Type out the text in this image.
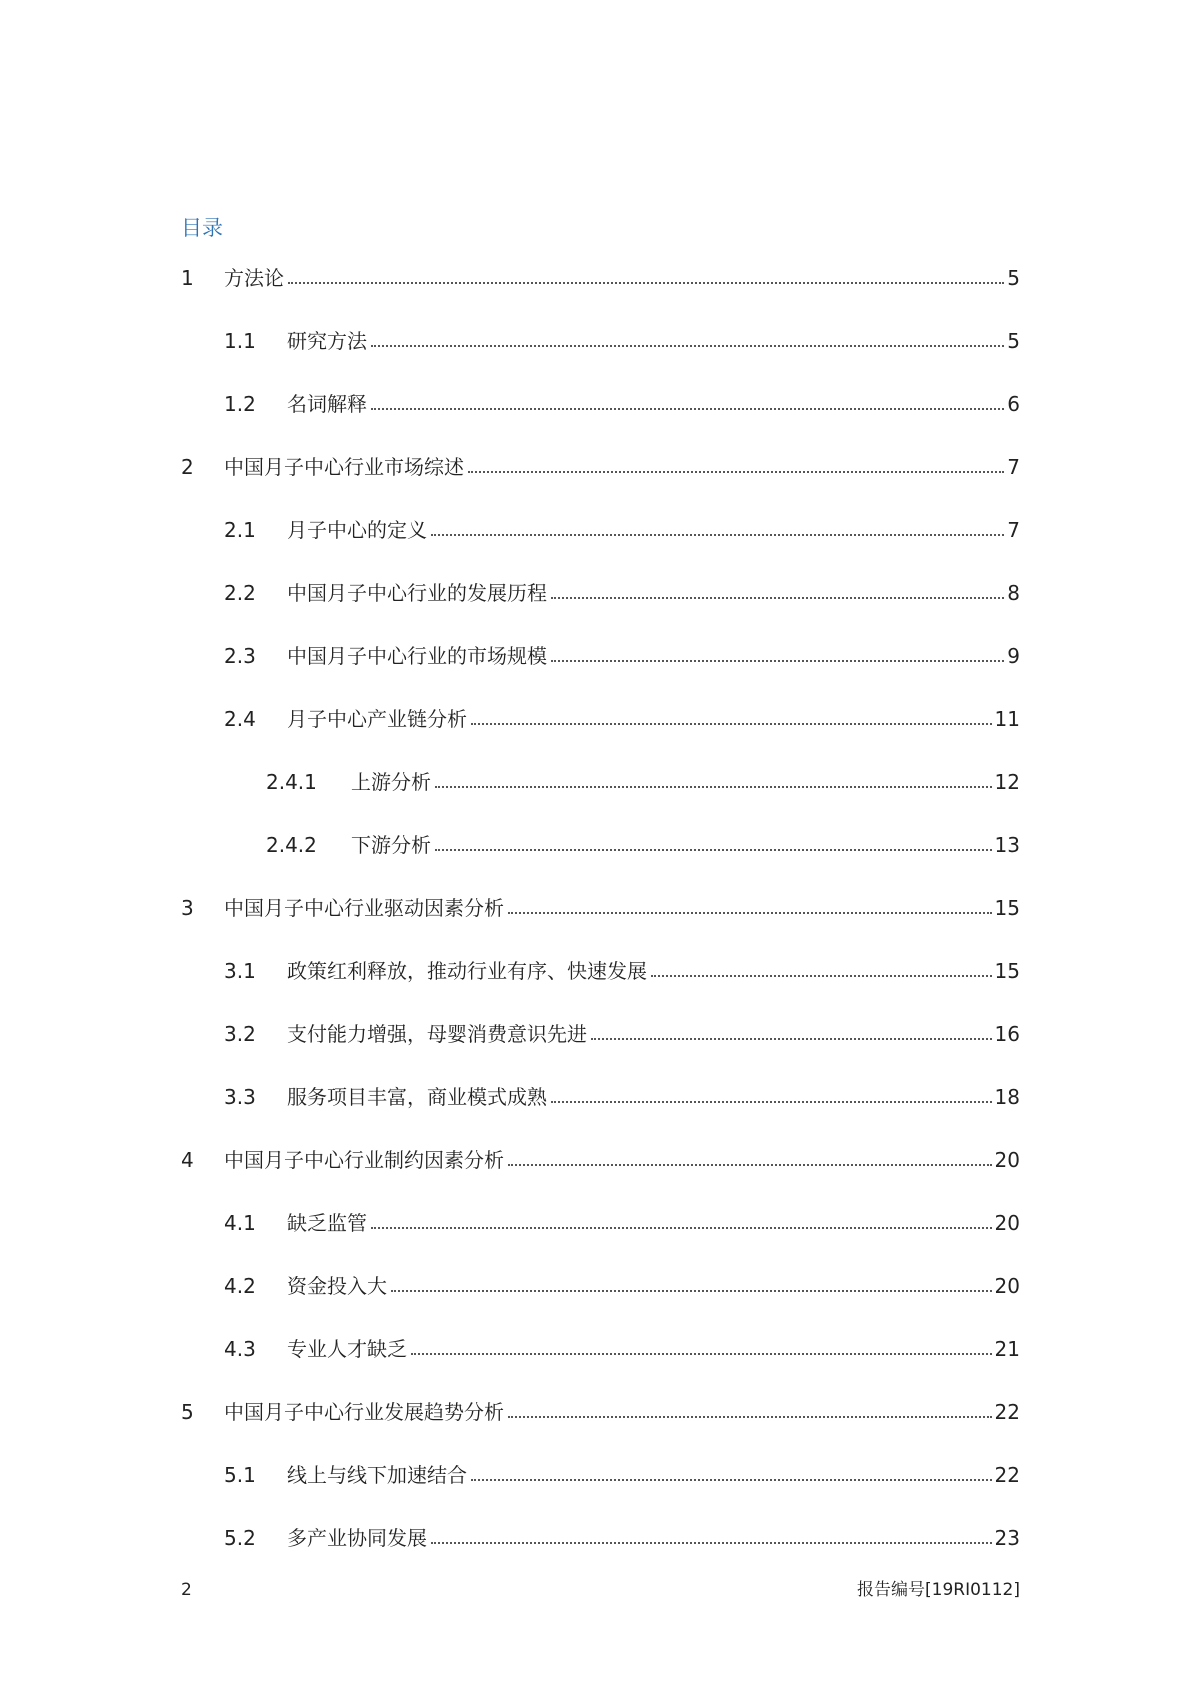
目录
1	方法论	5
1.1	研究方法	5
1.2	名词解释	6
2	中国月子中心行业市场综述	7
2.1	月子中心的定义	7
2.2	中国月子中心行业的发展历程	8
2.3	中国月子中心行业的市场规模	9
2.4	月子中心产业链分析	11
2.4.1	上游分析	12
2.4.2	下游分析	13
3	中国月子中心行业驱动因素分析	15
3.1	政策红利释放，推动行业有序、快速发展	15
3.2	支付能力增强，母婴消费意识先进	16
3.3	服务项目丰富，商业模式成熟	18
4	中国月子中心行业制约因素分析	20
4.1	缺乏监管	20
4.2	资金投入大	20
4.3	专业人才缺乏	21
5	中国月子中心行业发展趋势分析	22
5.1	线上与线下加速结合	22
5.2	多产业协同发展	23
2	报告编号[19RI0112]
